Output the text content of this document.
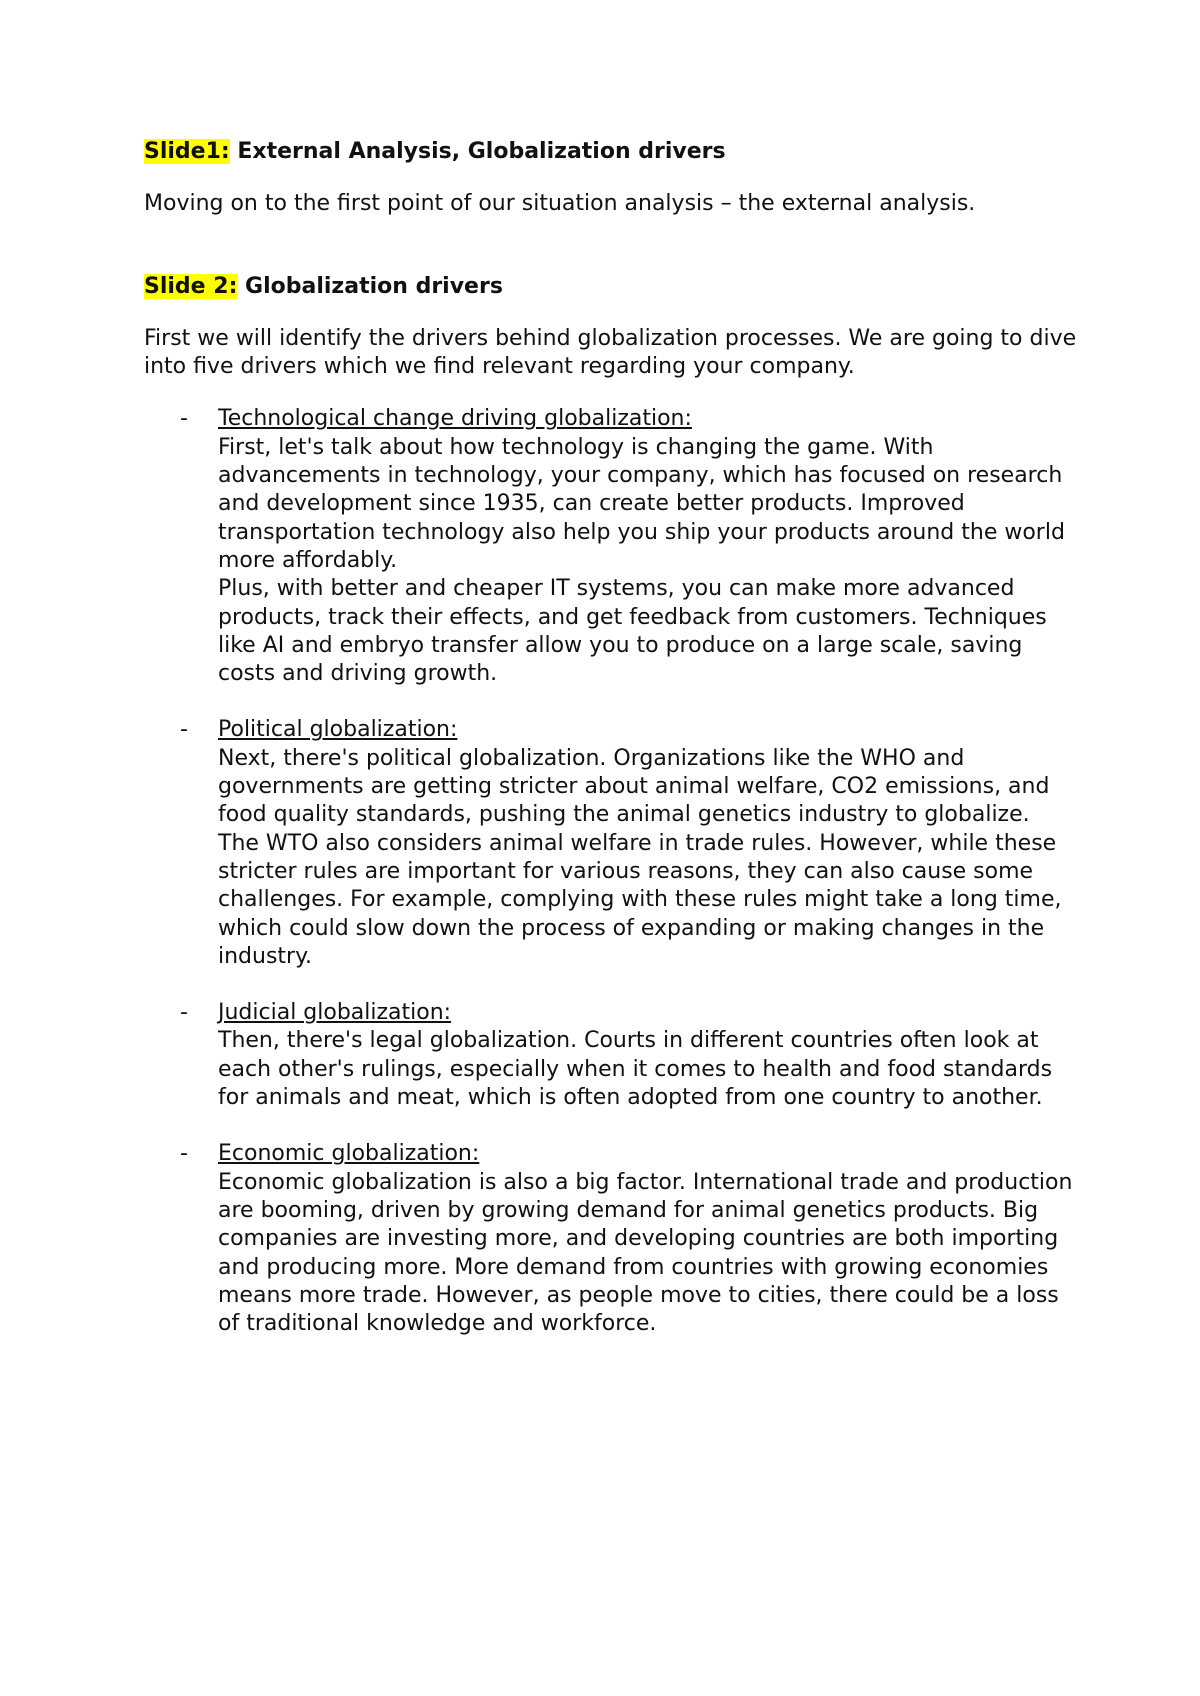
Slide1: External Analysis, Globalization drivers

Moving on to the first point of our situation analysis – the external analysis.

Slide 2: Globalization drivers

First we will identify the drivers behind globalization processes. We are going to dive into five drivers which we find relevant regarding your company.

- Technological change driving globalization:
First, let's talk about how technology is changing the game. With advancements in technology, your company, which has focused on research and development since 1935, can create better products. Improved transportation technology also help you ship your products around the world more affordably.
Plus, with better and cheaper IT systems, you can make more advanced products, track their effects, and get feedback from customers. Techniques like AI and embryo transfer allow you to produce on a large scale, saving costs and driving growth.
- Political globalization:
Next, there's political globalization. Organizations like the WHO and governments are getting stricter about animal welfare, CO2 emissions, and food quality standards, pushing the animal genetics industry to globalize.
The WTO also considers animal welfare in trade rules. However, while these stricter rules are important for various reasons, they can also cause some challenges. For example, complying with these rules might take a long time, which could slow down the process of expanding or making changes in the industry.
- Judicial globalization:
Then, there's legal globalization. Courts in different countries often look at each other's rulings, especially when it comes to health and food standards for animals and meat, which is often adopted from one country to another.
- Economic globalization:
Economic globalization is also a big factor. International trade and production are booming, driven by growing demand for animal genetics products. Big companies are investing more, and developing countries are both importing and producing more. More demand from countries with growing economies means more trade. However, as people move to cities, there could be a loss of traditional knowledge and workforce.
